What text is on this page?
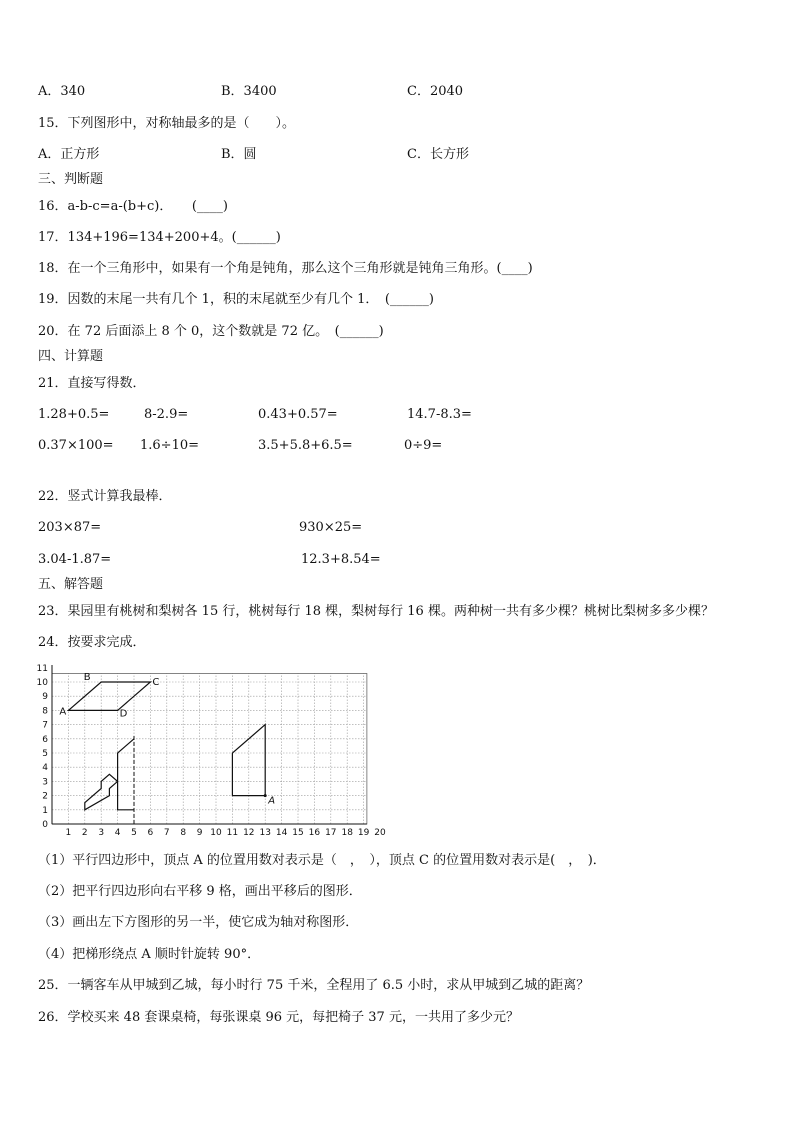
A．340	B．3400	C．2040
15．下列图形中，对称轴最多的是（　　）。
A．正方形	B．圆	C．长方形
三、判断题
16．a-b-c=a-(b+c)．　　(____)
17．134+196=134+200+4。(______)
18．在一个三角形中，如果有一个角是钝角，那么这个三角形就是钝角三角形。(____)
19．因数的末尾一共有几个 1，积的末尾就至少有几个 1．　(______)
20．在 72 后面添上 8 个 0，这个数就是 72 亿。　(______)
四、计算题
21．直接写得数．
1.28+0.5=	8-2.9=	0.43+0.57=	14.7-8.3=
0.37×100= 1.6÷10=	3.5+5.8+6.5=	0÷9=
22．竖式计算我最棒．
203×87=	930×25=
3.04-1.87=	12.3+8.54=
五、解答题
23．果园里有桃树和梨树各 15 行，桃树每行 18 棵，梨树每行 16 棵。两种树一共有多少棵？桃树比梨树多多少棵？
24．按要求完成．
1 2 3 4 5 6 7 8 9 10 11 12 13 14 15 16 17 18 19 20
0
1
2
3
4
5
6
7
8
9
10
11
A
B	C
D
A
（1）平行四边形中，顶点 A 的位置用数对表示是（　，　），顶点 C 的位置用数对表示是(　，　)．
（2）把平行四边形向右平移 9 格，画出平移后的图形．
（3）画出左下方图形的另一半，使它成为轴对称图形．
（4）把梯形绕点 A 顺时针旋转 90°．
25．一辆客车从甲城到乙城，每小时行 75 千米，全程用了 6.5 小时，求从甲城到乙城的距离？
26．学校买来 48 套课桌椅，每张课桌 96 元，每把椅子 37 元，一共用了多少元？
